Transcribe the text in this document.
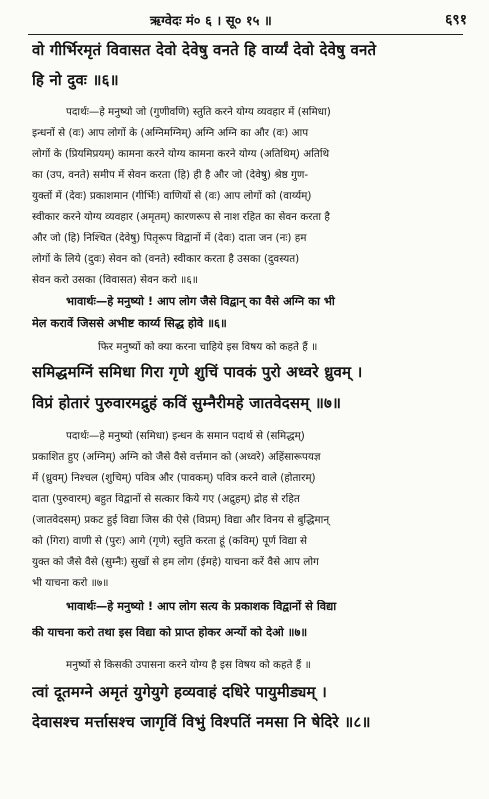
ऋग्वेदः मं० ६ । सू० १५ ॥	६९१
वो गीर्भिरमृतं विवासत देवो देवेषु वनते हि वार्य्यं देवो देवेषु वनते
हि नो दुवः ॥६॥
पदार्थः—हे मनुष्यो जो (गुणीवणि) स्तुति करने योग्य व्यवहार में (समिधा)
इन्धनों से (वः) आप लोगों के (अग्निमग्निम्) अग्नि अग्नि का और (वः) आप
लोगों के (प्रियमिप्रयम्) कामना करने योग्य कामना करने योग्य (अतिथिम्) अतिथि
का (उप, वनते) समीप में सेवन करता (हि) ही है और जो (देवेषु) श्रेष्ठ गुण-
युक्तों में (देवः) प्रकाशमान (गीर्भिः) वाणियों से (वः) आप लोगों को (वार्य्यम्)
स्वीकार करने योग्य व्यवहार (अमृतम्) कारणरूप से नाश रहित का सेवन करता है
और जो (हि) निश्चित (देवेषु) पितृरूप विद्वानों में (देवः) दाता जन (नः) हम
लोगों के लिये (दुवः) सेवन को (वनते) स्वीकार करता है उसका (दुवस्यत)
सेवन करो उसका (विवासत) सेवन करो ॥६॥
भावार्थः—हे मनुष्यो ! आप लोग जैसे विद्वान् का वैसे अग्नि का भी
मेल करावें जिससे अभीष्ट कार्य्य सिद्ध होवे ॥६॥
फिर मनुष्यों को क्या करना चाहिये इस विषय को कहते हैं ॥
समिद्धमग्निं समिधा गिरा गृणे शुचिं पावकं पुरो अध्वरे ध्रुवम् ।
विप्रं होतारं पुरुवारमद्रुहं कविं सुम्नैरीमहे जातवेदसम् ॥७॥
पदार्थः—हे मनुष्यो (समिधा) इन्धन के समान पदार्थ से (समिद्धम्)
प्रकाशित हुए (अग्निम्) अग्नि को जैसे वैसे वर्त्तमान को (अध्वरे) अहिंसारूपयज्ञ
में (ध्रुवम्) निश्चल (शुचिम्) पवित्र और (पावकम्) पवित्र करने वाले (होतारम्)
दाता (पुरुवारम्) बहुत विद्वानों से सत्कार किये गए (अद्रुहम्) द्रोह से रहित
(जातवेदसम्) प्रकट हुई विद्या जिस की ऐसे (विप्रम्) विद्या और विनय से बुद्धिमान्
को (गिरा) वाणी से (पुरः) आगे (गृणे) स्तुति करता हूं (कविम्) पूर्ण विद्या से
युक्त को जैसे वैसे (सुम्नैः) सुखों से हम लोग (ईमहे) याचना करें वैसे आप लोग
भी याचना करो ॥७॥
भावार्थः—हे मनुष्यो ! आप लोग सत्य के प्रकाशक विद्वानों से विद्या
की याचना करो तथा इस विद्या को प्राप्त होकर अन्यों को देओ ॥७॥
मनुष्यों से किसकी उपासना करने योग्य है इस विषय को कहते हैं ॥
त्वां दूतमग्ने अमृतं युगेयुगे हव्यवाहं दधिरे पायुमीड्यम् ।
देवासश्च मर्त्तासश्च जागृविं विभुं विश्पतिं नमसा नि षेदिरे ॥८॥
